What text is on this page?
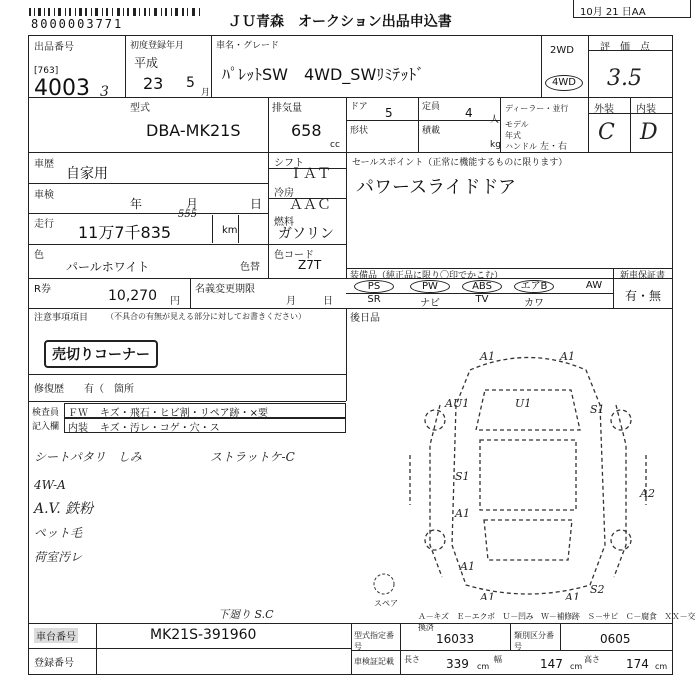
8000003771	ＪＵ青森　オークション出品申込書
10月 21 日AA
出品番号
[763]
4003 3
初度登録年月
平成
23 5
月
車名・グレード
ﾊﾟﾚｯﾄSW　4WD_SWﾘﾐﾃｯﾄﾞ
2WD
4WD
評　価　点
3.5
型式
DBA-MK21S
排気量
658
cc
ドア 5	定員 4 人
形状	積載
kg
ディーラー・並行
モデル年式
ハンドル 左・右
外装 内装
C D
車歴
自家用
車検
年	月	日
走行 11万7千835
555
km
シフト
ＩＡＴ
冷房
ＡＡＣ
燃料
ガソリン
セールスポイント（正常に機能するものに限ります）
パワースライドドア
色
パールホワイト	色替
色コード
Z7T
装備品（純正品に限り〇印でかこむ）	新車保証書
有・無
PS	PW	ABS	エアB	AW
SR	ナビ	TV	カワ
後日品
R券	10,270 円
名義変更期限
月	日
注意事項項目 （不具合の有無が見える部分に対してお書きください）
売切りコーナー
修復歴 有（　箇所
検査員
記入欄
ＦＷ キズ・飛石・ヒビ割・リペア跡・×要
内装 キズ・汚レ・コゲ・穴・ス
シートパタリ　しみ
4W-A
A.V. 鉄粉
ペット毛
荷室汚レ
ストラットケ-C
下廻り S.C
A1	A1
AU1	U1	S1
S1
A1
A1
A1	A1
S2
A2
スペア
Ａ－キズ　Ｅ－エクボ　Ｕ－凹み　Ｗ－補修跡　Ｓ－サビ　Ｃ－腐食　ＸＸ－交換済
車台番号	MK21S-391960
登録番号
型式指定番号
16033	類別区分番号
0605
車検証記載	長さ 339 cm
幅	147 cm
高さ 174 cm
